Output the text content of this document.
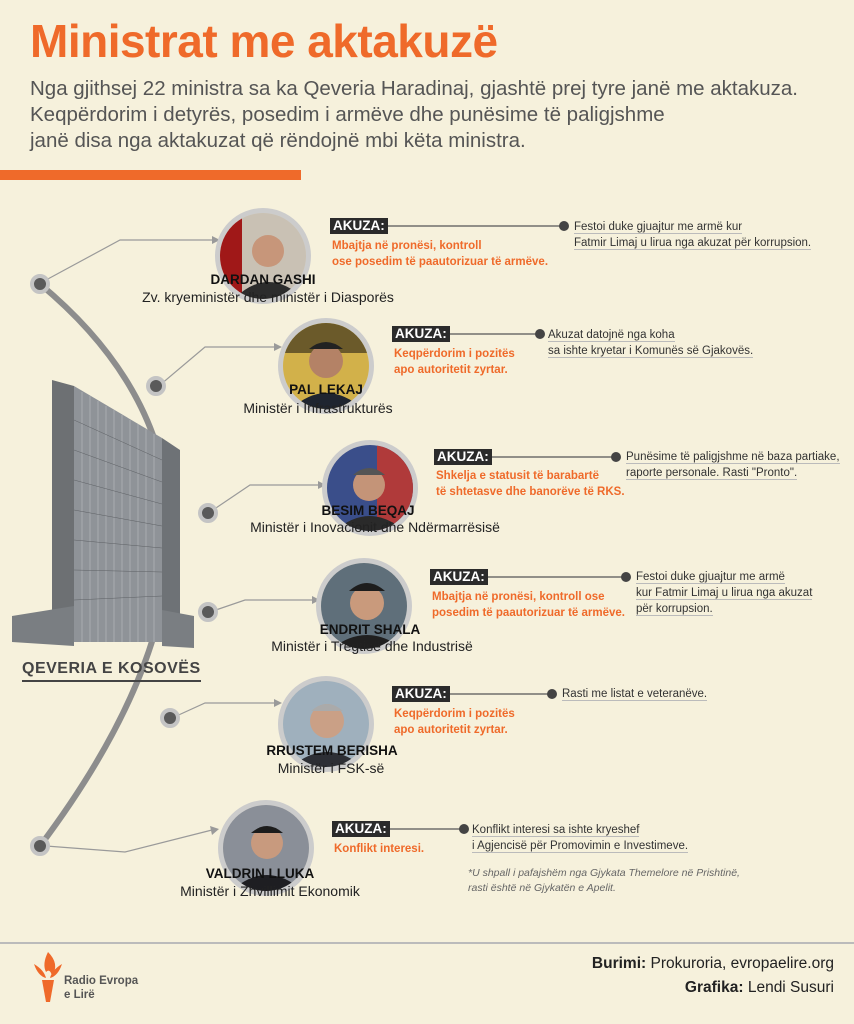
Ministrat me aktakuzë
Nga gjithsej 22 ministra sa ka Qeveria Haradinaj, gjashtë prej tyre janë me aktakuza.
Keqpërdorim i detyrës, posedim i armëve dhe punësime të paligjshme
janë disa nga aktakuzat që rëndojnë mbi këta ministra.
QEVERIA E KOSOVËS
DARDAN GASHI
Zv. kryeministër dhe ministër i Diasporës
AKUZA:
Mbajtja në pronësi, kontroll
ose posedim të paautorizuar të armëve.
Festoi duke gjuajtur me armë kur
Fatmir Limaj u lirua nga akuzat për korrupsion.
PAL LEKAJ
Ministër i Infrastrukturës
AKUZA:
Keqpërdorim i pozitës
apo autoritetit zyrtar.
Akuzat datojnë nga koha
sa ishte kryetar i Komunës së Gjakovës.
BESIM BEQAJ
Ministër i Inovacionit dhe Ndërmarrësisë
AKUZA:
Shkelja e statusit të barabartë
të shtetasve dhe banorëve të RKS.
Punësime të paligjshme në baza partiake,
raporte personale. Rasti "Pronto".
ENDRIT SHALA
Ministër i Tregtisë dhe Industrisë
AKUZA:
Mbajtja në pronësi, kontroll ose
posedim të paautorizuar të armëve.
Festoi duke gjuajtur me armë
kur Fatmir Limaj u lirua nga akuzat
për korrupsion.
RRUSTEM BERISHA
Ministër i FSK-së
AKUZA:
Keqpërdorim i pozitës
apo autoritetit zyrtar.
Rasti me listat e veteranëve.
VALDRIN LLUKA
Ministër i Zhvillimit Ekonomik
AKUZA:
Konflikt interesi.
Konflikt interesi sa ishte kryeshef
i Agjencisë për Promovimin e Investimeve.
*U shpall i pafajshëm nga Gjykata Themelore në Prishtinë,
rasti është në Gjykatën e Apelit.
Radio Evropa
e Lirë
Burimi: Prokuroria, evropaelire.org
Grafika: Lendi Susuri
